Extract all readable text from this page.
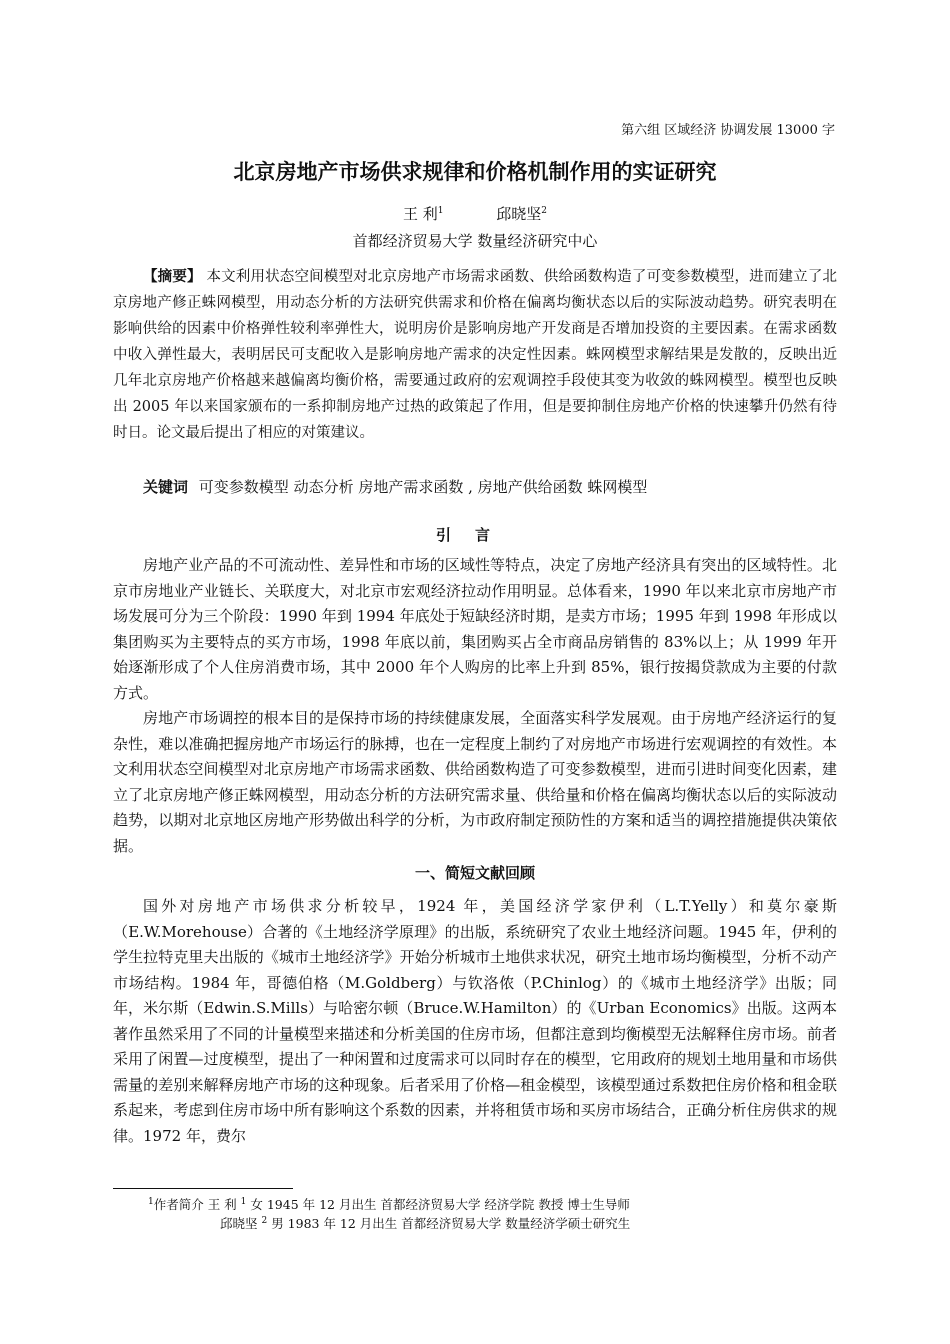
第六组 区域经济 协调发展 13000 字
北京房地产市场供求规律和价格机制作用的实证研究
王 利$^1$	邱晓坚$^2$
首都经济贸易大学 数量经济研究中心
【摘要】 本文利用状态空间模型对北京房地产市场需求函数、供给函数构造了可变参数模型，进而建立了北京房地产修正蛛网模型，用动态分析的方法研究供需求和价格在偏离均衡状态以后的实际波动趋势。研究表明在影响供给的因素中价格弹性较利率弹性大，说明房价是影响房地产开发商是否增加投资的主要因素。在需求函数中收入弹性最大，表明居民可支配收入是影响房地产需求的决定性因素。蛛网模型求解结果是发散的，反映出近几年北京房地产价格越来越偏离均衡价格，需要通过政府的宏观调控手段使其变为收敛的蛛网模型。模型也反映出 2005 年以来国家颁布的一系抑制房地产过热的政策起了作用，但是要抑制住房地产价格的快速攀升仍然有待时日。论文最后提出了相应的对策建议。
关键词 可变参数模型 动态分析 房地产需求函数 , 房地产供给函数 蛛网模型
引言

房地产业产品的不可流动性、差异性和市场的区域性等特点，决定了房地产经济具有突出的区域特性。北京市房地业产业链长、关联度大，对北京市宏观经济拉动作用明显。总体看来，1990 年以来北京市房地产市场发展可分为三个阶段：1990 年到 1994 年底处于短缺经济时期，是卖方市场；1995 年到 1998 年形成以集团购买为主要特点的买方市场，1998 年底以前，集团购买占全市商品房销售的 83%以上；从 1999 年开始逐渐形成了个人住房消费市场，其中 2000 年个人购房的比率上升到 85%，银行按揭贷款成为主要的付款方式。

房地产市场调控的根本目的是保持市场的持续健康发展，全面落实科学发展观。由于房地产经济运行的复杂性，难以准确把握房地产市场运行的脉搏，也在一定程度上制约了对房地产市场进行宏观调控的有效性。本文利用状态空间模型对北京房地产市场需求函数、供给函数构造了可变参数模型，进而引进时间变化因素，建立了北京房地产修正蛛网模型，用动态分析的方法研究需求量、供给量和价格在偏离均衡状态以后的实际波动趋势，以期对北京地区房地产形势做出科学的分析，为市政府制定预防性的方案和适当的调控措施提供决策依据。

一、简短文献回顾

国外对房地产市场供求分析较早，1924 年，美国经济学家伊利（L.T.Yelly）和莫尔豪斯（E.W.Morehouse）合著的《土地经济学原理》的出版，系统研究了农业土地经济问题。1945 年，伊利的学生拉特克里夫出版的《城市土地经济学》开始分析城市土地供求状况，研究土地市场均衡模型，分析不动产市场结构。1984 年，哥德伯格（M.Goldberg）与钦洛侬（P.Chinlog）的《城市土地经济学》出版；同年，米尔斯（Edwin.S.Mills）与哈密尔顿（Bruce.W.Hamilton）的《Urban Economics》出版。这两本著作虽然采用了不同的计量模型来描述和分析美国的住房市场，但都注意到均衡模型无法解释住房市场。前者采用了闲置—过度模型，提出了一种闲置和过度需求可以同时存在的模型，它用政府的规划土地用量和市场供需量的差别来解释房地产市场的这种现象。后者采用了价格—租金模型，该模型通过系数把住房价格和租金联系起来，考虑到住房市场中所有影响这个系数的因素，并将租赁市场和买房市场结合，正确分析住房供求的规律。1972 年，费尔

$^1$作者简介 王 利 $^1$ 女 1945 年 12 月出生 首都经济贸易大学 经济学院 教授 博士生导师
邱晓坚 $^2$ 男 1983 年 12 月出生 首都经济贸易大学 数量经济学硕士研究生
